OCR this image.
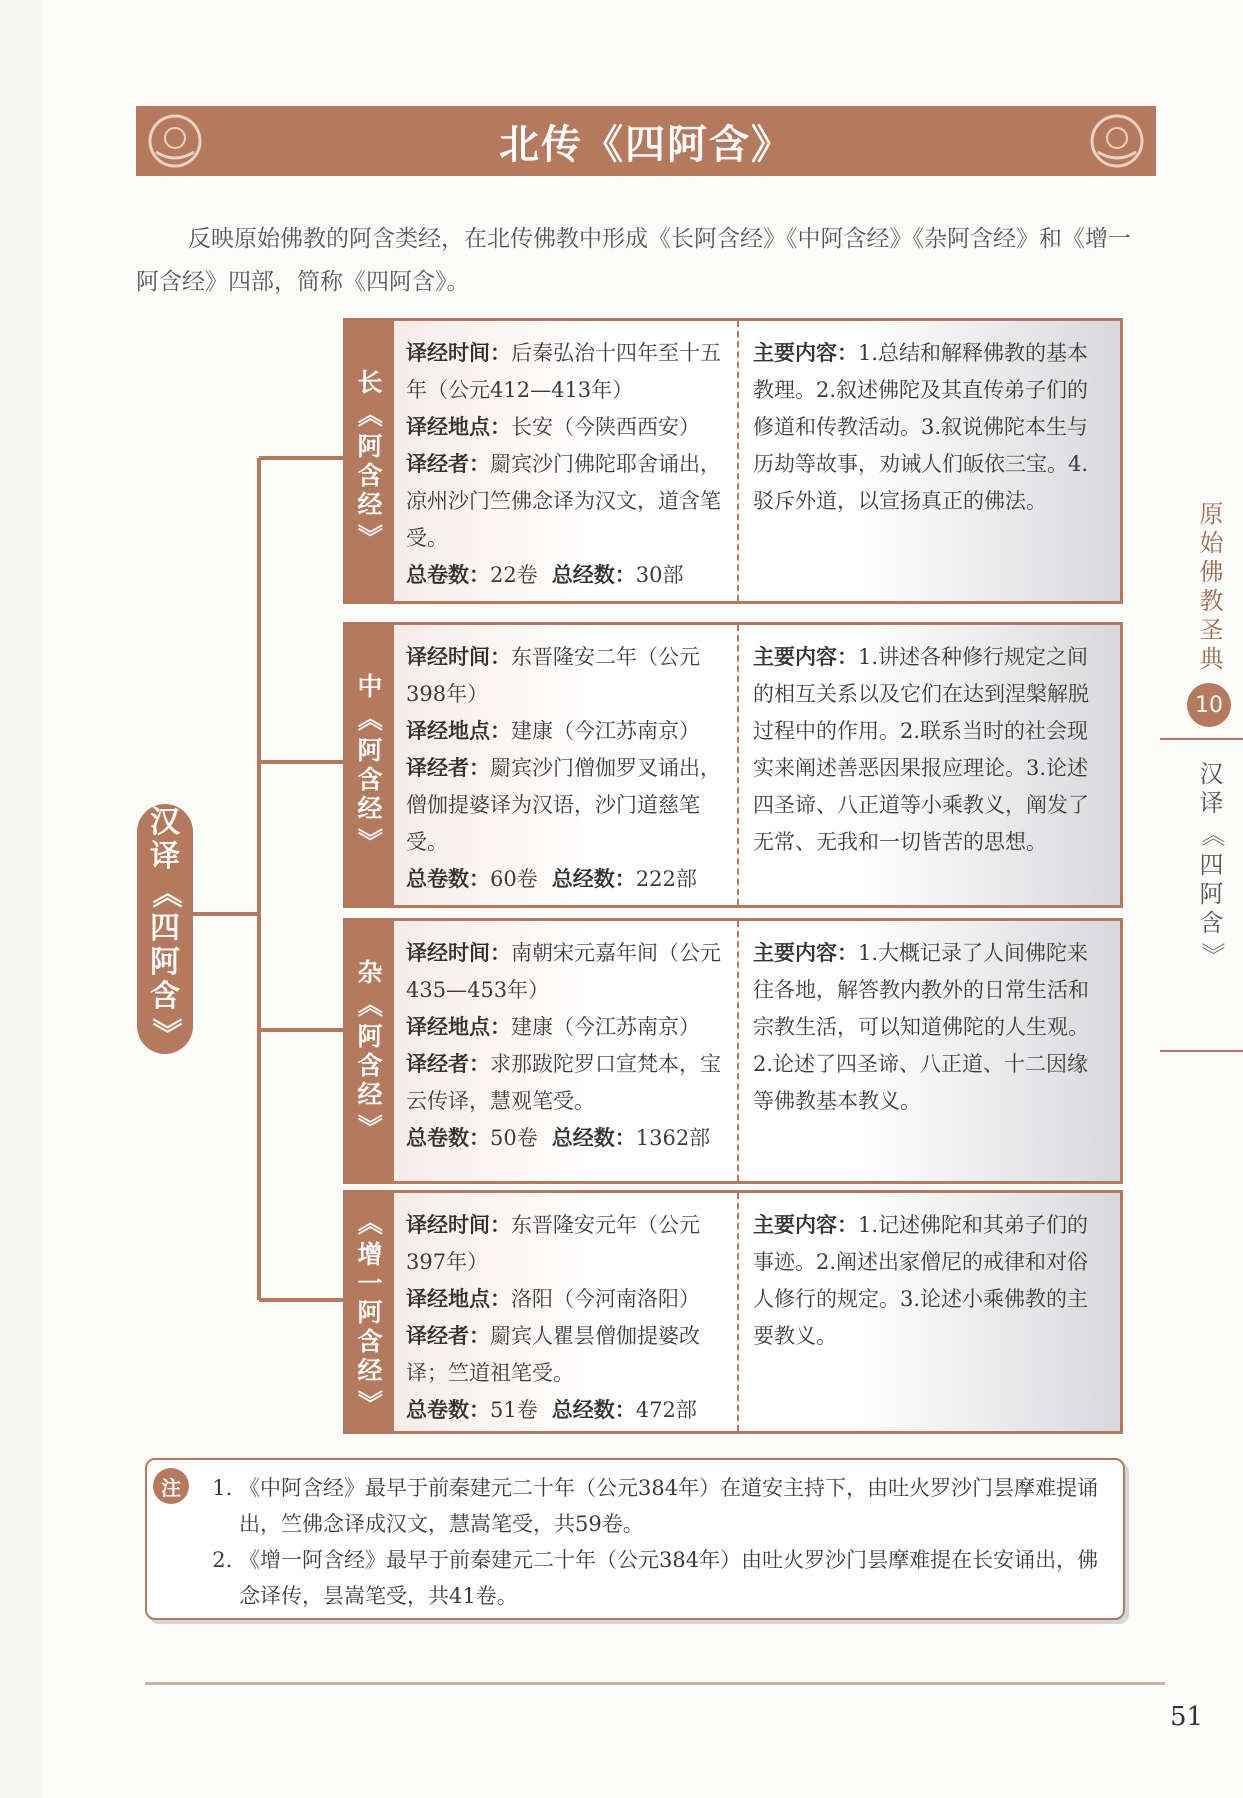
北传《四阿含》
反映原始佛教的阿含类经，在北传佛教中形成《长阿含经》《中阿含经》《杂阿含经》和《增一阿含经》四部，简称《四阿含》。
汉
译
《
四
阿
含
》
长
《
阿
含
经
》
译经时间：后秦弘治十四年至十五年（公元412—413年）
译经地点：长安（今陕西西安）
译经者：罽宾沙门佛陀耶舍诵出，凉州沙门竺佛念译为汉文，道含笔受。
总卷数：22卷 总经数：30部
主要内容：1.总结和解释佛教的基本教理。2.叙述佛陀及其直传弟子们的修道和传教活动。3.叙说佛陀本生与历劫等故事，劝诫人们皈依三宝。4.驳斥外道，以宣扬真正的佛法。
中
《
阿
含
经
》
译经时间：东晋隆安二年（公元398年）
译经地点：建康（今江苏南京）
译经者：罽宾沙门僧伽罗叉诵出，僧伽提婆译为汉语，沙门道慈笔受。
总卷数：60卷 总经数：222部
主要内容：1.讲述各种修行规定之间的相互关系以及它们在达到涅槃解脱过程中的作用。2.联系当时的社会现实来阐述善恶因果报应理论。3.论述四圣谛、八正道等小乘教义，阐发了无常、无我和一切皆苦的思想。
杂
《
阿
含
经
》
译经时间：南朝宋元嘉年间（公元435—453年）
译经地点：建康（今江苏南京）
译经者：求那跋陀罗口宣梵本，宝云传译，慧观笔受。
总卷数：50卷 总经数：1362部
主要内容：1.大概记录了人间佛陀来往各地，解答教内教外的日常生活和宗教生活，可以知道佛陀的人生观。2.论述了四圣谛、八正道、十二因缘等佛教基本教义。
《
增
一
阿
含
经
》
译经时间：东晋隆安元年（公元397年）
译经地点：洛阳（今河南洛阳）
译经者：罽宾人瞿昙僧伽提婆改译；竺道祖笔受。
总卷数：51卷 总经数：472部
主要内容：1.记述佛陀和其弟子们的事迹。2.阐述出家僧尼的戒律和对俗人修行的规定。3.论述小乘佛教的主要教义。
原
始
佛
教
圣
典
10
汉
译
《
四
阿
含
》
注
1.	《中阿含经》最早于前秦建元二十年（公元384年）在道安主持下，由吐火罗沙门昙摩难提诵出，竺佛念译成汉文，慧嵩笔受，共59卷。
2. 《增一阿含经》最早于前秦建元二十年（公元384年）由吐火罗沙门昙摩难提在长安诵出，佛念译传，昙嵩笔受，共41卷。
51
